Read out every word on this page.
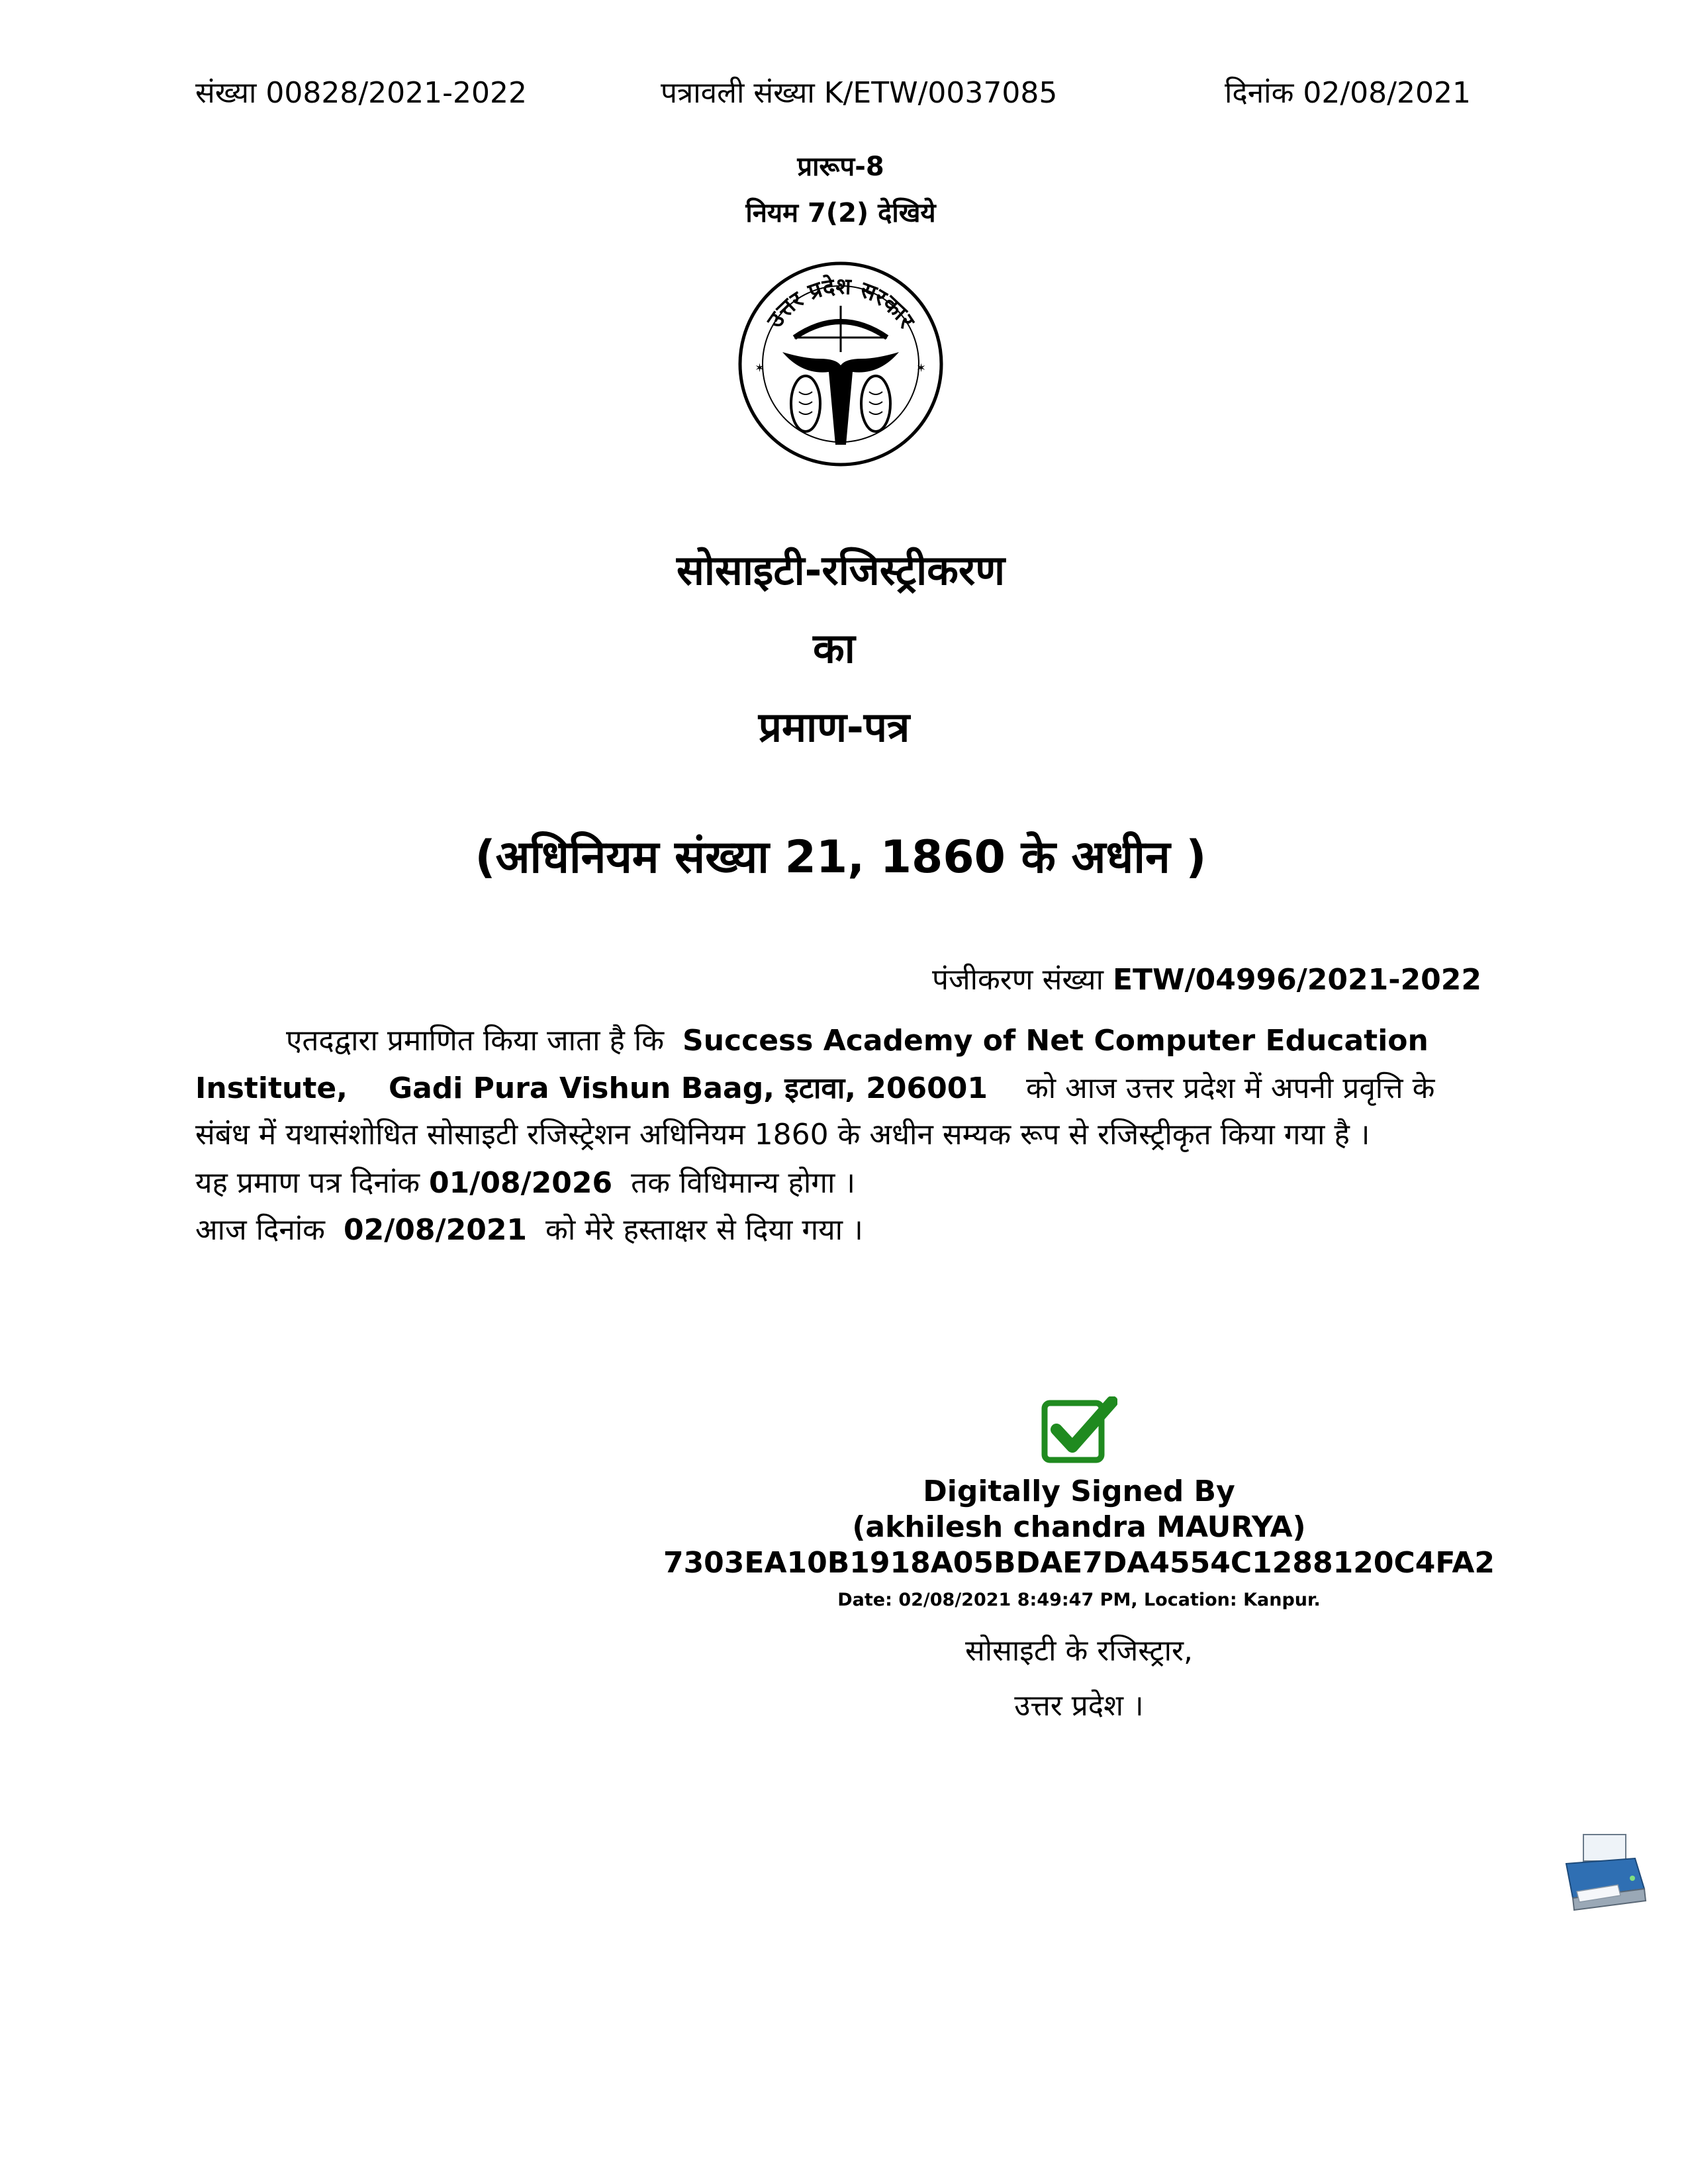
संख्या 00828/2021-2022	पत्रावली संख्या K/ETW/0037085	दिनांक 02/08/2021
प्रारूप-8
नियम 7(2) देखिये
उत्तर प्रदेश सरकार
✶	✶
सोसाइटी-रजिस्ट्रीकरण
का
प्रमाण-पत्र
(अधिनियम संख्या 21, 1860 के अधीन )
पंजीकरण संख्या ETW/04996/2021-2022
एतदद्वारा प्रमाणित किया जाता है कि Success Academy of Net Computer Education
Institute, Gadi Pura Vishun Baag, इटावा, 206001 को आज उत्तर प्रदेश में अपनी प्रवृत्ति के
संबंध में यथासंशोधित सोसाइटी रजिस्ट्रेशन अधिनियम 1860 के अधीन सम्यक रूप से रजिस्ट्रीकृत किया गया है ।
यह प्रमाण पत्र दिनांक 01/08/2026 तक विधिमान्य होगा ।
आज दिनांक 02/08/2021 को मेरे हस्ताक्षर से दिया गया ।
Digitally Signed By
(akhilesh chandra MAURYA)
7303EA10B1918A05BDAE7DA4554C1288120C4FA2
Date: 02/08/2021 8:49:47 PM, Location: Kanpur.
सोसाइटी के रजिस्ट्रार,
उत्तर प्रदेश ।
